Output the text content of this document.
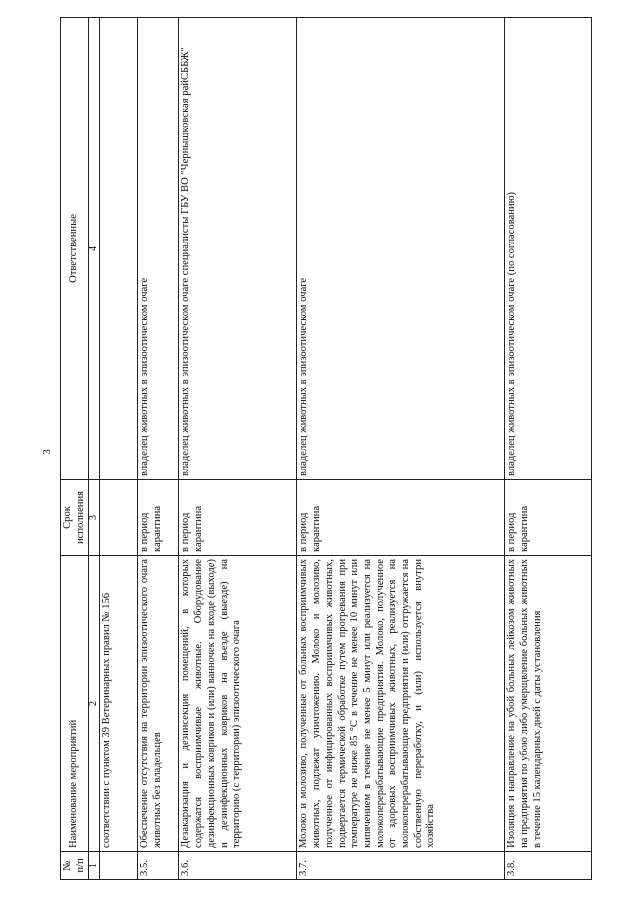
3
№ п/п	Наименование мероприятий	Срок исполнения	Ответственные
1	2	3	4
	соответствии с пунктом 39 Ветеринарных правил № 156		
3.5.	Обеспечение отсутствия на территории эпизоотического очага животных без владельцев	в период карантина	владелец животных в эпизоотическом очаге
3.6.	Дезакаризация и дезинсекция помещений, в которых содержатся восприимчивые животные. Оборудование дезинфекционных ковриков и (или) ванночек на входе (выходе) и дезинфекционных ковриков на въезде (выезде) на территорию (с территории) эпизоотического очага	в период карантина	владелец животных в эпизоотическом очаге специалисты ГБУ ВО "Чернышковская райСББЖ"
3.7.	Молоко и молозиво, полученные от больных восприимчивых животных, подлежат уничтожению. Молоко и молозиво, полученное от инфицированных восприимчивых животных, подвергается термической обработке путем прогревания при температуре не ниже 85 °С в течение не менее 10 минут или кипячением в течение не менее 5 минут или реализуется на молокоперерабатывающие предприятия. Молоко, полученное от здоровых восприимчивых животных, реализуется на молокоперерабатывающие предприятия и (или) отгружается на собственную переработку, и (или) используется внутри хозяйства	в период карантина	владелец животных в эпизоотическом очаге
3.8.	Изоляция и направление на убой больных лейкозом животных на предприятия по убою либо умерщвление больных животных в течение 15 календарных дней с даты установления	в период карантина	владелец животных в эпизоотическом очаге (по согласованию)
